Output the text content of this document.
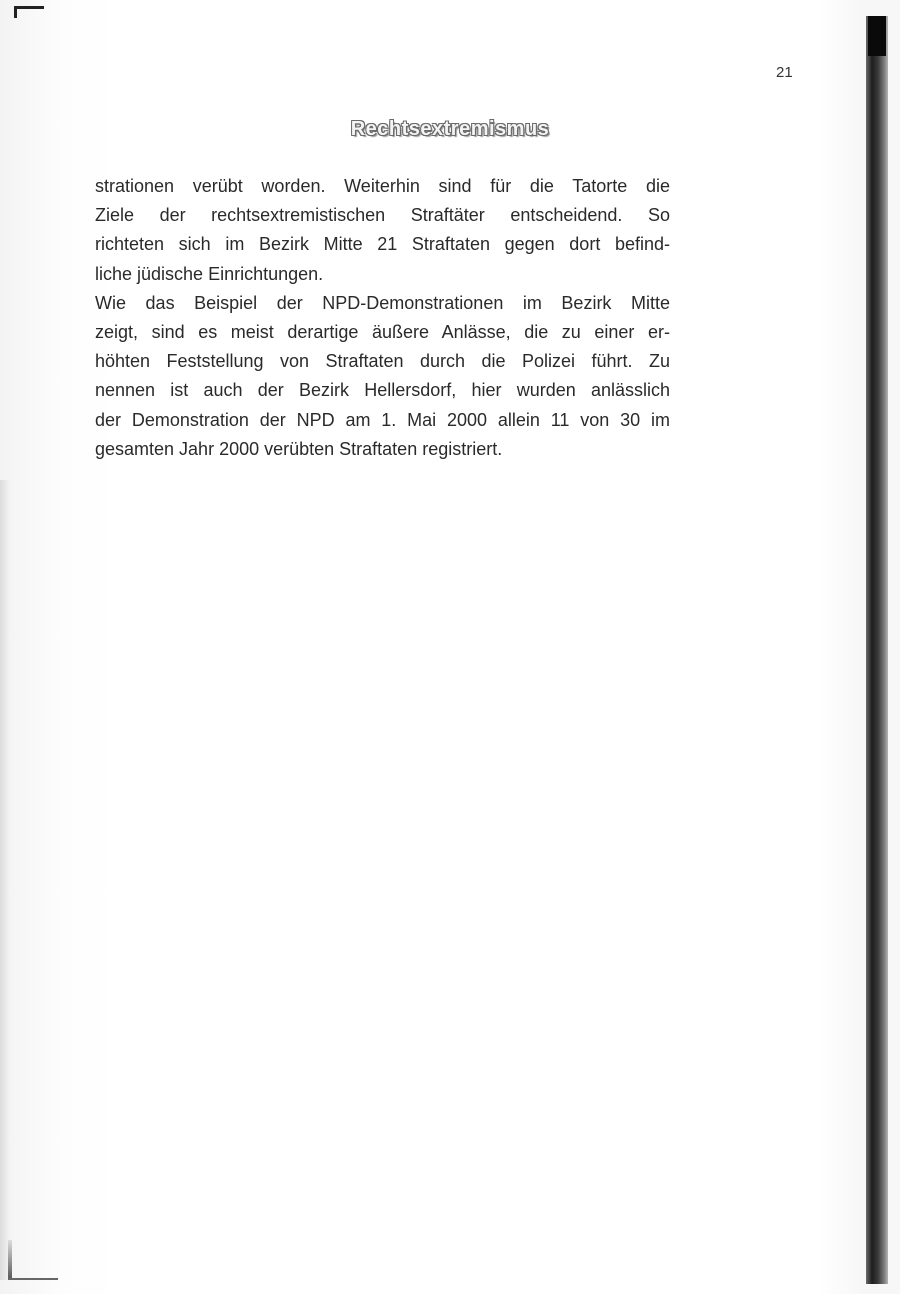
21
Rechtsextremismus
strationen verübt worden. Weiterhin sind für die Tatorte die
Ziele der rechtsextremistischen Straftäter entscheidend. So
richteten sich im Bezirk Mitte 21 Straftaten gegen dort befind-
liche jüdische Einrichtungen.
Wie das Beispiel der NPD-Demonstrationen im Bezirk Mitte
zeigt, sind es meist derartige äußere Anlässe, die zu einer er-
höhten Feststellung von Straftaten durch die Polizei führt. Zu
nennen ist auch der Bezirk Hellersdorf, hier wurden anlässlich
der Demonstration der NPD am 1. Mai 2000 allein 11 von 30 im
gesamten Jahr 2000 verübten Straftaten registriert.
